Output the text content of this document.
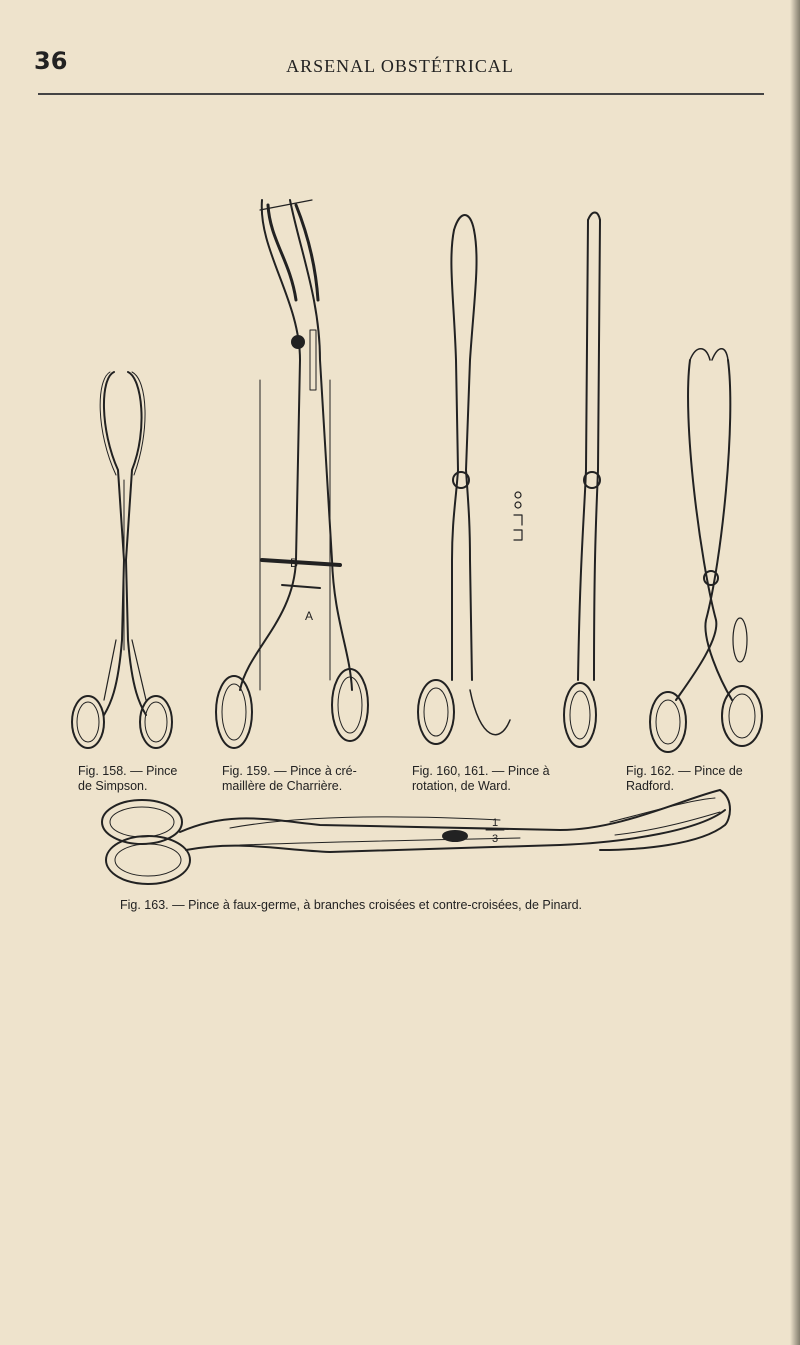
36	ARSENAL OBSTÉTRICAL
B
A
1
3
Fig. 158. — Pince
de Simpson.
Fig. 159. — Pince à cré-
maillère de Charrière.
Fig. 160, 161. — Pince à
rotation, de Ward.
Fig. 162. — Pince de
Radford.
Fig. 163. — Pince à faux-germe, à branches croisées et contre-croisées, de Pinard.
